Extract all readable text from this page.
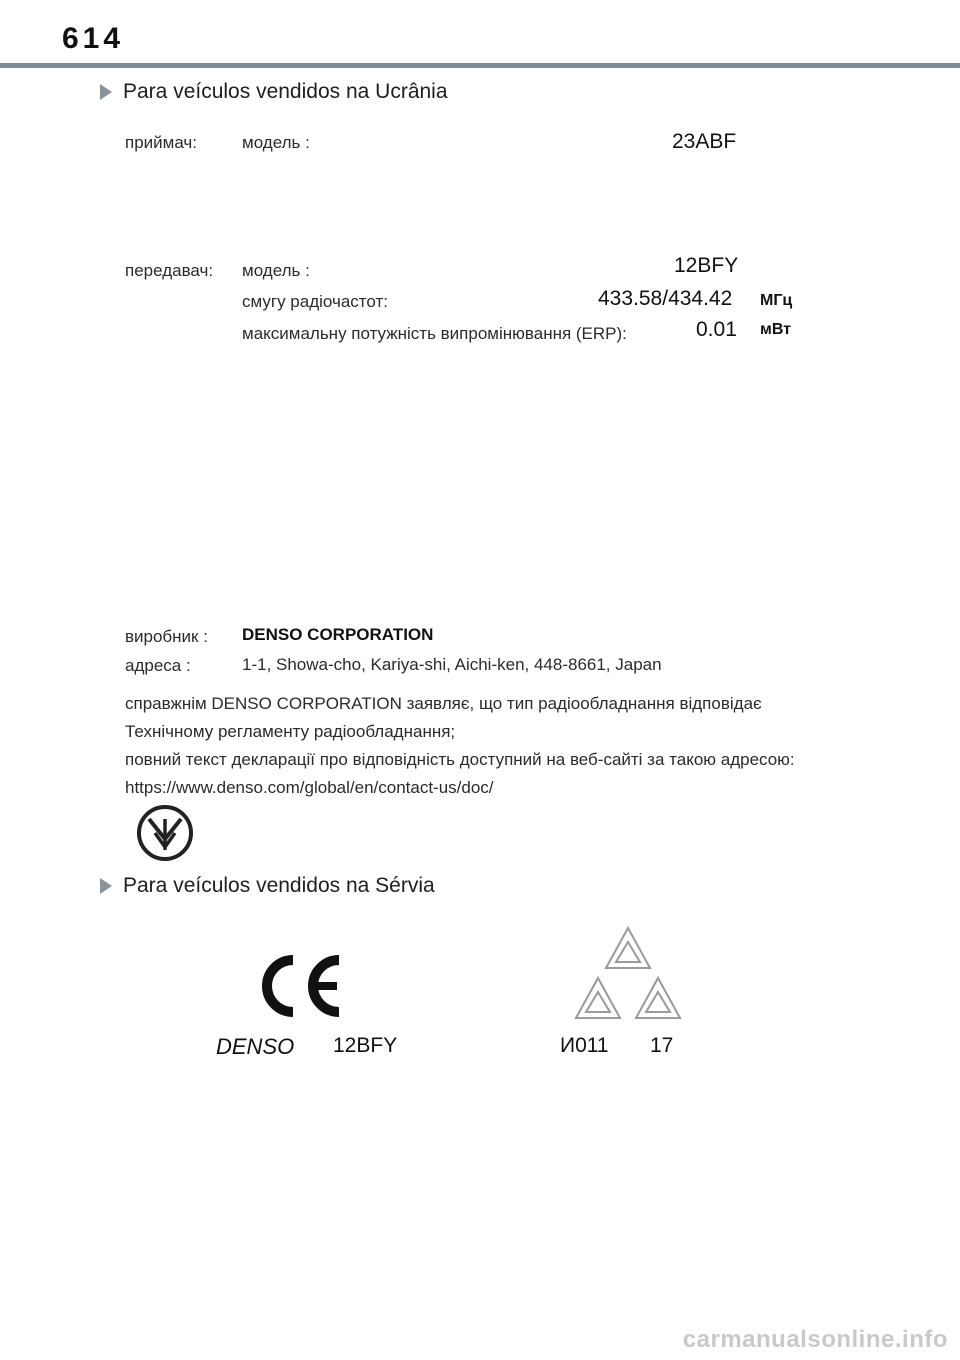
614
Para veículos vendidos na Ucrânia
приймач:	модель :	23ABF
передавач: модель :	12BFY
смугу радіочастот:	433.58/434.42 МГц
максимальну потужність випромінювання (ERP):	0.01 мВт
виробник : DENSO CORPORATION
адреса :	1-1, Showa-cho, Kariya-shi, Aichi-ken, 448-8661, Japan
справжнім DENSO CORPORATION заявляє, що тип радіообладнання відповідає
Технічному регламенту радіообладнання;
повний текст декларації про відповідність доступний на веб-сайті за такою адресою:
https://www.denso.com/global/en/contact-us/doc/
Para veículos vendidos na Sérvia
DENSO 12BFY	И011 17
carmanualsonline.info
